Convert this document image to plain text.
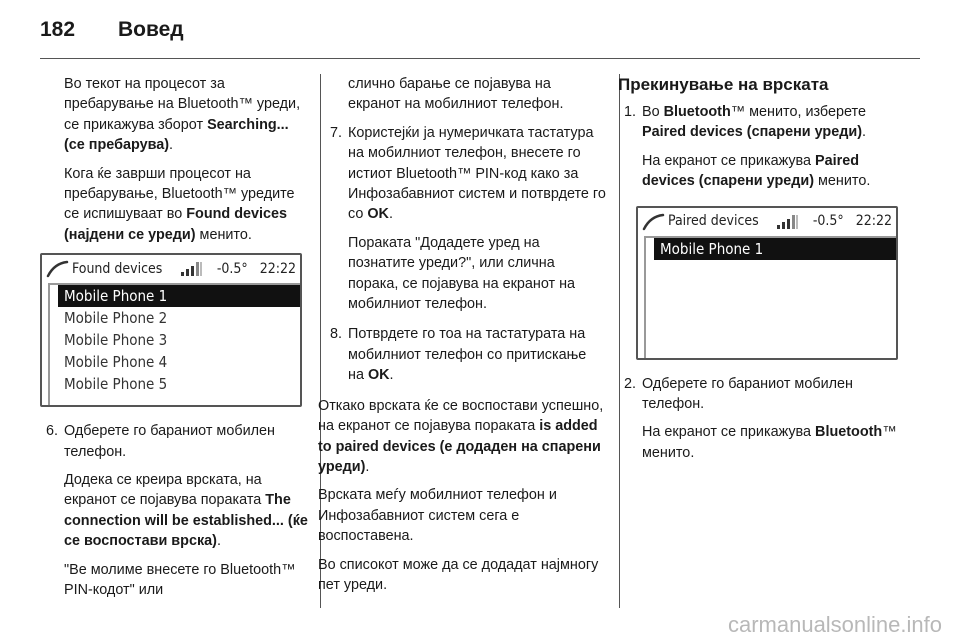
182 Вовед

Во текот на процесот за пребарување на Bluetooth™ уреди, се прикажува зборот Searching... (се пребарува).

Кога ќе заврши процесот на пребарување, Bluetooth™ уредите се испишуваат во Found devices (најдени се уреди) менито.

Found devices	-0.5° 22:22
Mobile Phone 1
Mobile Phone 2
Mobile Phone 3
Mobile Phone 4
Mobile Phone 5
6. Одберете го бараниот мобилен телефон.

Додека се креира врската, на екранот се појавува пораката The connection will be established... (ќе се воспостави врска).

"Ве молиме внесете го Bluetooth™ PIN-кодот" или

слично барање се појавува на екранот на мобилниот телефон.

7. Користејќи ја нумеричката тастатура на мобилниот телефон, внесете го истиот Bluetooth™ PIN-код како за Инфозабавниот систем и потврдете го со OK.

Пораката "Додадете уред на познатите уреди?", или слична порака, се појавува на екранот на мобилниот телефон.

8. Потврдете го тоа на тастатурата на мобилниот телефон со притискање на OK.

Откако врската ќе се воспостави успешно, на екранот се појавува пораката is added to paired devices (е додаден на спарени уреди).

Врската меѓу мобилниот телефон и Инфозабавниот систем сега е воспоставена.

Во списокот може да се додадат најмногу пет уреди.

Прекинување на врската
1. Во Bluetooth™ менито, изберете Paired devices (спарени уреди).

На екранот се прикажува Paired devices (спарени уреди) менито.

Paired devices	-0.5° 22:22
Mobile Phone 1
2. Одберете го бараниот мобилен телефон.

На екранот се прикажува Bluetooth™ менито.

carmanualsonline.info
